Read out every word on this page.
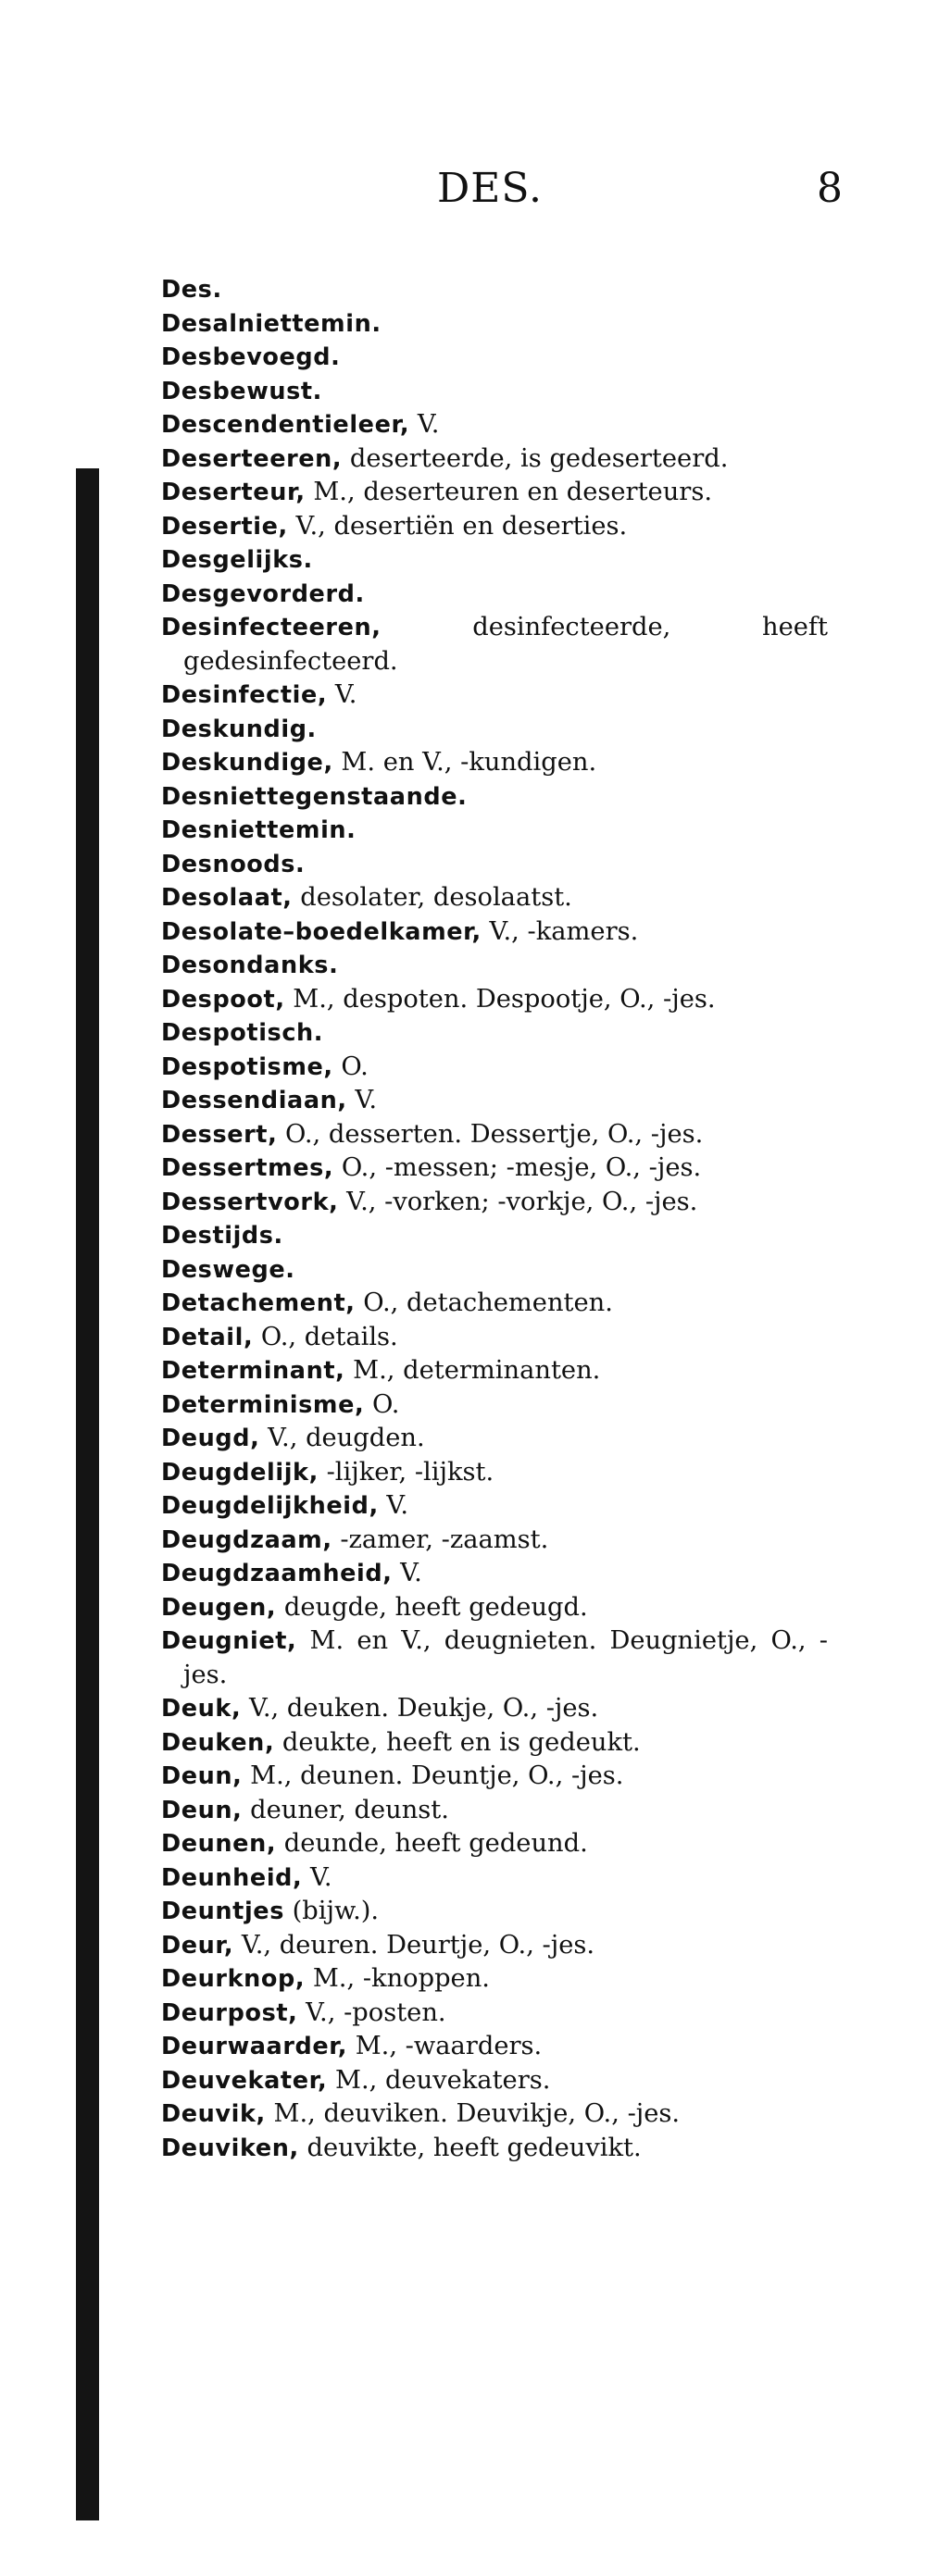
DES.	8
Des.
Desalniettemin.
Desbevoegd.
Desbewust.
Descendentieleer, V.
Deserteeren, deserteerde, is gedeserteerd.
Deserteur, M., deserteuren en deserteurs.
Desertie, V., desertiën en deserties.
Desgelijks.
Desgevorderd.
Desinfecteeren, desinfecteerde, heeft gedesinfecteerd.
Desinfectie, V.
Deskundig.
Deskundige, M. en V., -kundigen.
Desniettegenstaande.
Desniettemin.
Desnoods.
Desolaat, desolater, desolaatst.
Desolate–boedelkamer, V., -kamers.
Desondanks.
Despoot, M., despoten. Despootje, O., -jes.
Despotisch.
Despotisme, O.
Dessendiaan, V.
Dessert, O., desserten. Dessertje, O., -jes.
Dessertmes, O., -messen; -mesje, O., -jes.
Dessertvork, V., -vorken; -vorkje, O., -jes.
Destijds.
Deswege.
Detachement, O., detachementen.
Detail, O., details.
Determinant, M., determinanten.
Determinisme, O.
Deugd, V., deugden.
Deugdelijk, -lijker, -lijkst.
Deugdelijkheid, V.
Deugdzaam, -zamer, -zaamst.
Deugdzaamheid, V.
Deugen, deugde, heeft gedeugd.
Deugniet, M. en V., deugnieten. Deugnietje, O., -jes.
Deuk, V., deuken. Deukje, O., -jes.
Deuken, deukte, heeft en is gedeukt.
Deun, M., deunen. Deuntje, O., -jes.
Deun, deuner, deunst.
Deunen, deunde, heeft gedeund.
Deunheid, V.
Deuntjes (bijw.).
Deur, V., deuren. Deurtje, O., -jes.
Deurknop, M., -knoppen.
Deurpost, V., -posten.
Deurwaarder, M., -waarders.
Deuvekater, M., deuvekaters.
Deuvik, M., deuviken. Deuvikje, O., -jes.
Deuviken, deuvikte, heeft gedeuvikt.
